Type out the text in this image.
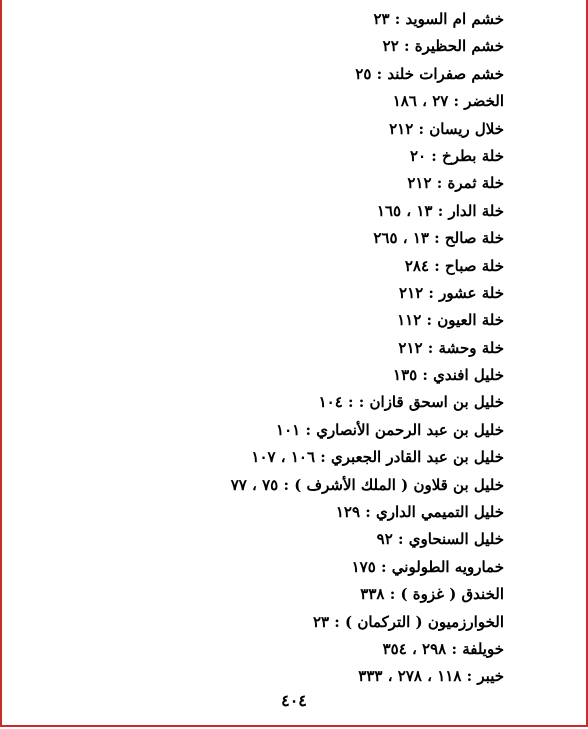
خشم ام السويد : ٢٣
خشم الحظيرة : ٢٢
خشم صفرات خلند : ٢٥
الخضر : ٢٧ ، ١٨٦
خلال ريسان : ٢١٢
خلة بطرخ : ٢٠
خلة ثمرة : ٢١٢
خلة الدار : ١٣ ، ١٦٥
خلة صالح : ١٣ ، ٢٦٥
خلة صباح : ٢٨٤
خلة عشور : ٢١٢
خلة العيون : ١١٢
خلة وحشة : ٢١٢
خليل افندي : ١٣٥
خليل بن اسحق قازان : : ١٠٤
خليل بن عبد الرحمن الأنصاري : ١٠١
خليل بن عبد القادر الجعبري : ١٠٦ ، ١٠٧
خليل بن قلاون ( الملك الأشرف ) : ٧٥ ، ٧٧
خليل التميمي الداري : ١٢٩
خليل السنحاوي : ٩٢
خمارويه الطولوني : ١٧٥
الخندق ( غزوة ) : ٣٣٨
الخوارزميون ( التركمان ) : ٢٣
خويلفة : ٢٩٨ ، ٣٥٤
خيبر : ١١٨ ، ٢٧٨ ، ٣٣٣
٤٠٤
